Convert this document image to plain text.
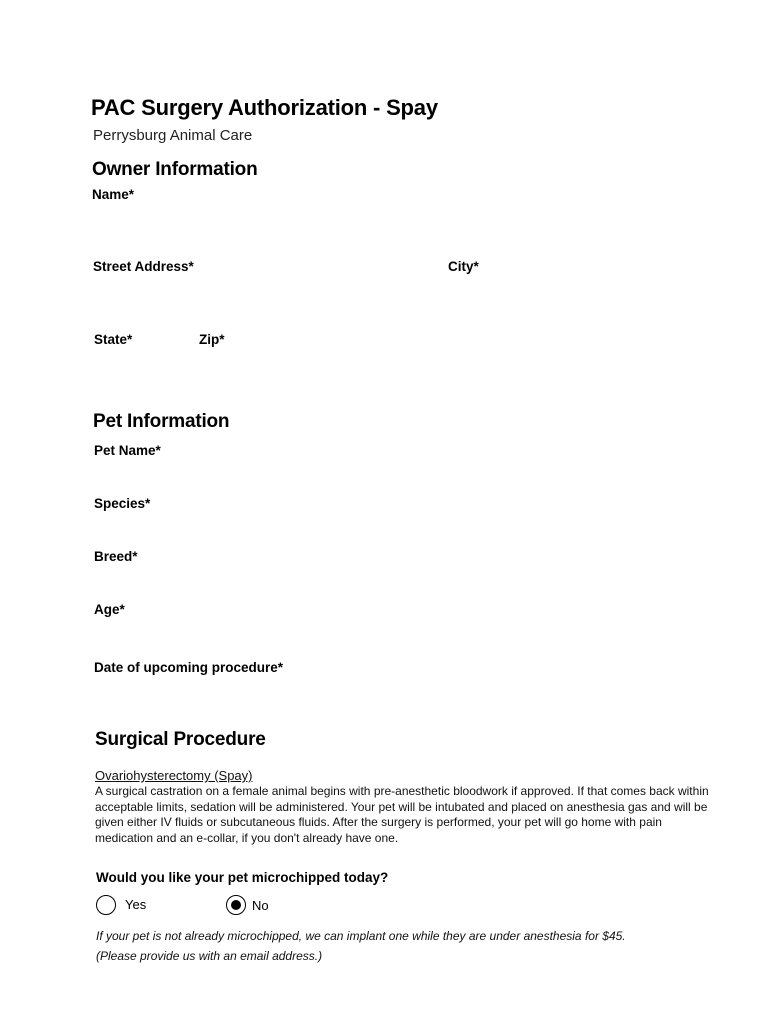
PAC Surgery Authorization - Spay
Perrysburg Animal Care
Owner Information
Name*
Street Address*	City*
State*	Zip*
Pet Information
Pet Name*
Species*
Breed*
Age*
Date of upcoming procedure*
Surgical Procedure
Ovariohysterectomy (Spay)
A surgical castration on a female animal begins with pre-anesthetic bloodwork if approved. If that comes back within acceptable limits, sedation will be administered. Your pet will be intubated and placed on anesthesia gas and will be given either IV fluids or subcutaneous fluids. After the surgery is performed, your pet will go home with pain medication and an e-collar, if you don't already have one.
Would you like your pet microchipped today?
Yes	No
If your pet is not already microchipped, we can implant one while they are under anesthesia for $45.
(Please provide us with an email address.)
